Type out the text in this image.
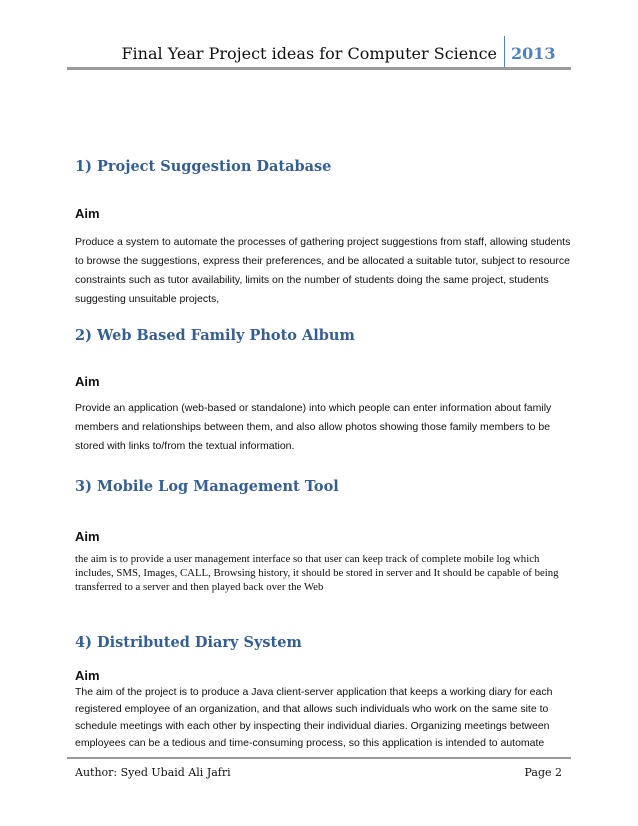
Final Year Project ideas for Computer Science 2013
1) Project Suggestion Database
Aim

Produce a system to automate the processes of gathering project suggestions from staff, allowing students to browse the suggestions, express their preferences, and be allocated a suitable tutor, subject to resource constraints such as tutor availability, limits on the number of students doing the same project, students suggesting unsuitable projects,

2) Web Based Family Photo Album
Aim

Provide an application (web-based or standalone) into which people can enter information about family members and relationships between them, and also allow photos showing those family members to be stored with links to/from the textual information.

3) Mobile Log Management Tool
Aim

the aim is to provide a user management interface so that user can keep track of complete mobile log which includes, SMS, Images, CALL, Browsing history, it should be stored in server and It should be capable of being transferred to a server and then played back over the Web

4) Distributed Diary System
Aim

The aim of the project is to produce a Java client-server application that keeps a working diary for each registered employee of an organization, and that allows such individuals who work on the same site to schedule meetings with each other by inspecting their individual diaries. Organizing meetings between employees can be a tedious and time-consuming process, so this application is intended to automate

Author: Syed Ubaid Ali Jafri	Page 2
